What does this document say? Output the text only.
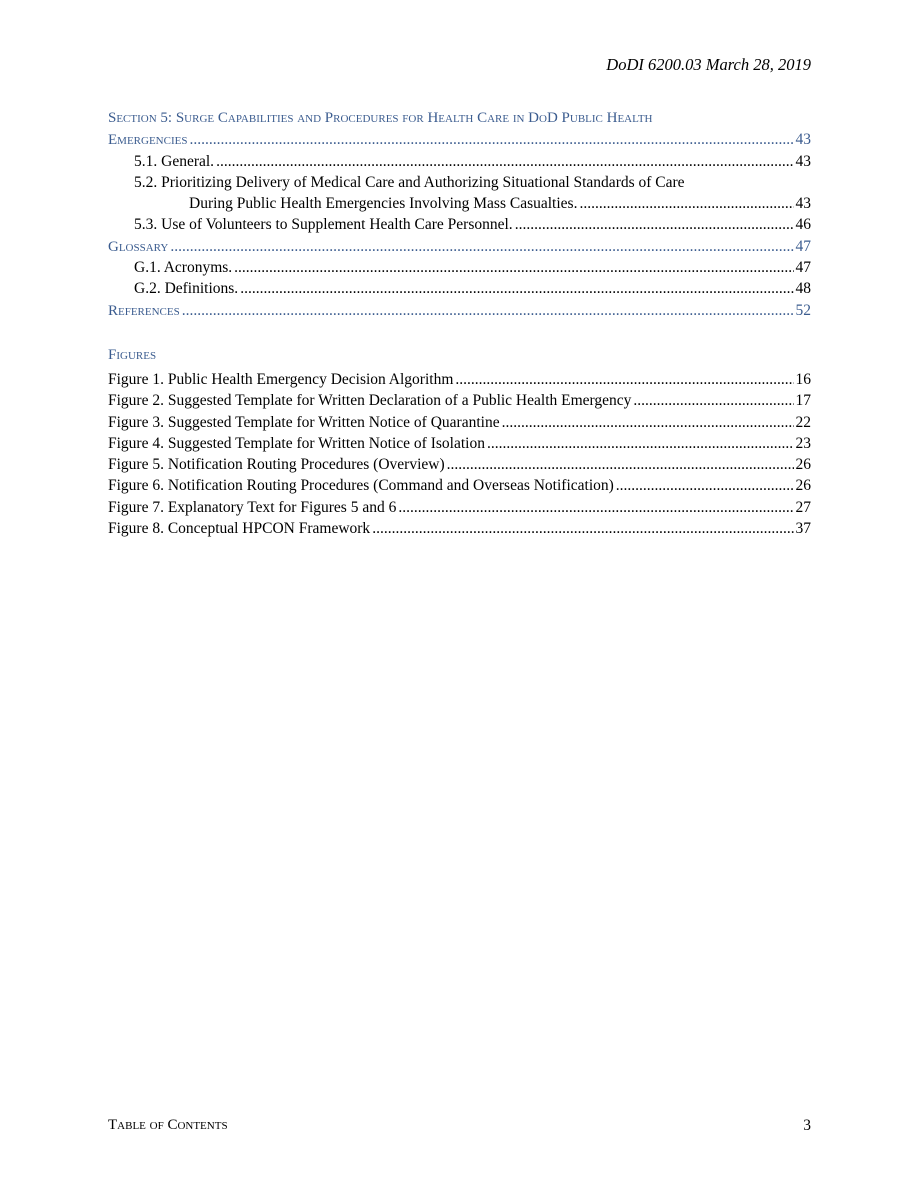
DoDI 6200.03 March 28, 2019
Section 5: Surge Capabilities and Procedures for Health Care in DoD Public Health
Emergencies .....	43
5.1. General. .....	43
5.2. Prioritizing Delivery of Medical Care and Authorizing Situational Standards of Care
During Public Health Emergencies Involving Mass Casualties. .....	43
5.3. Use of Volunteers to Supplement Health Care Personnel. .....	46
Glossary .....	47
G.1. Acronyms. .....	47
G.2. Definitions. .....	48
References .....	52
Figures
Figure 1. Public Health Emergency Decision Algorithm .....	16
Figure 2. Suggested Template for Written Declaration of a Public Health Emergency .....	17
Figure 3. Suggested Template for Written Notice of Quarantine .....	22
Figure 4. Suggested Template for Written Notice of Isolation .....	23
Figure 5. Notification Routing Procedures (Overview) .....	26
Figure 6. Notification Routing Procedures (Command and Overseas Notification) .....	26
Figure 7. Explanatory Text for Figures 5 and 6 .....	27
Figure 8. Conceptual HPCON Framework .....	37
Table of Contents	3
